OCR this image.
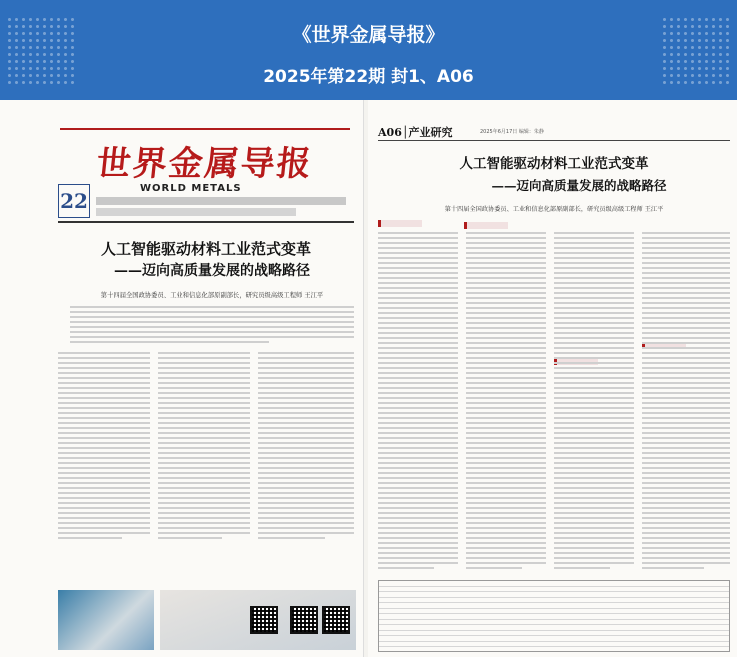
《世界金属导报》
2025年第22期 封1、A06
世界金属导报
22
WORLD METALS
人工智能驱动材料工业范式变革
——迈向高质量发展的战略路径
第十四届全国政协委员、工业和信息化部原副部长，研究员级高级工程师 王江平
A06│产业研究	2025年6月17日 编辑：朱静
人工智能驱动材料工业范式变革
——迈向高质量发展的战略路径
第十四届全国政协委员、工业和信息化部原副部长，研究员级高级工程师 王江平
